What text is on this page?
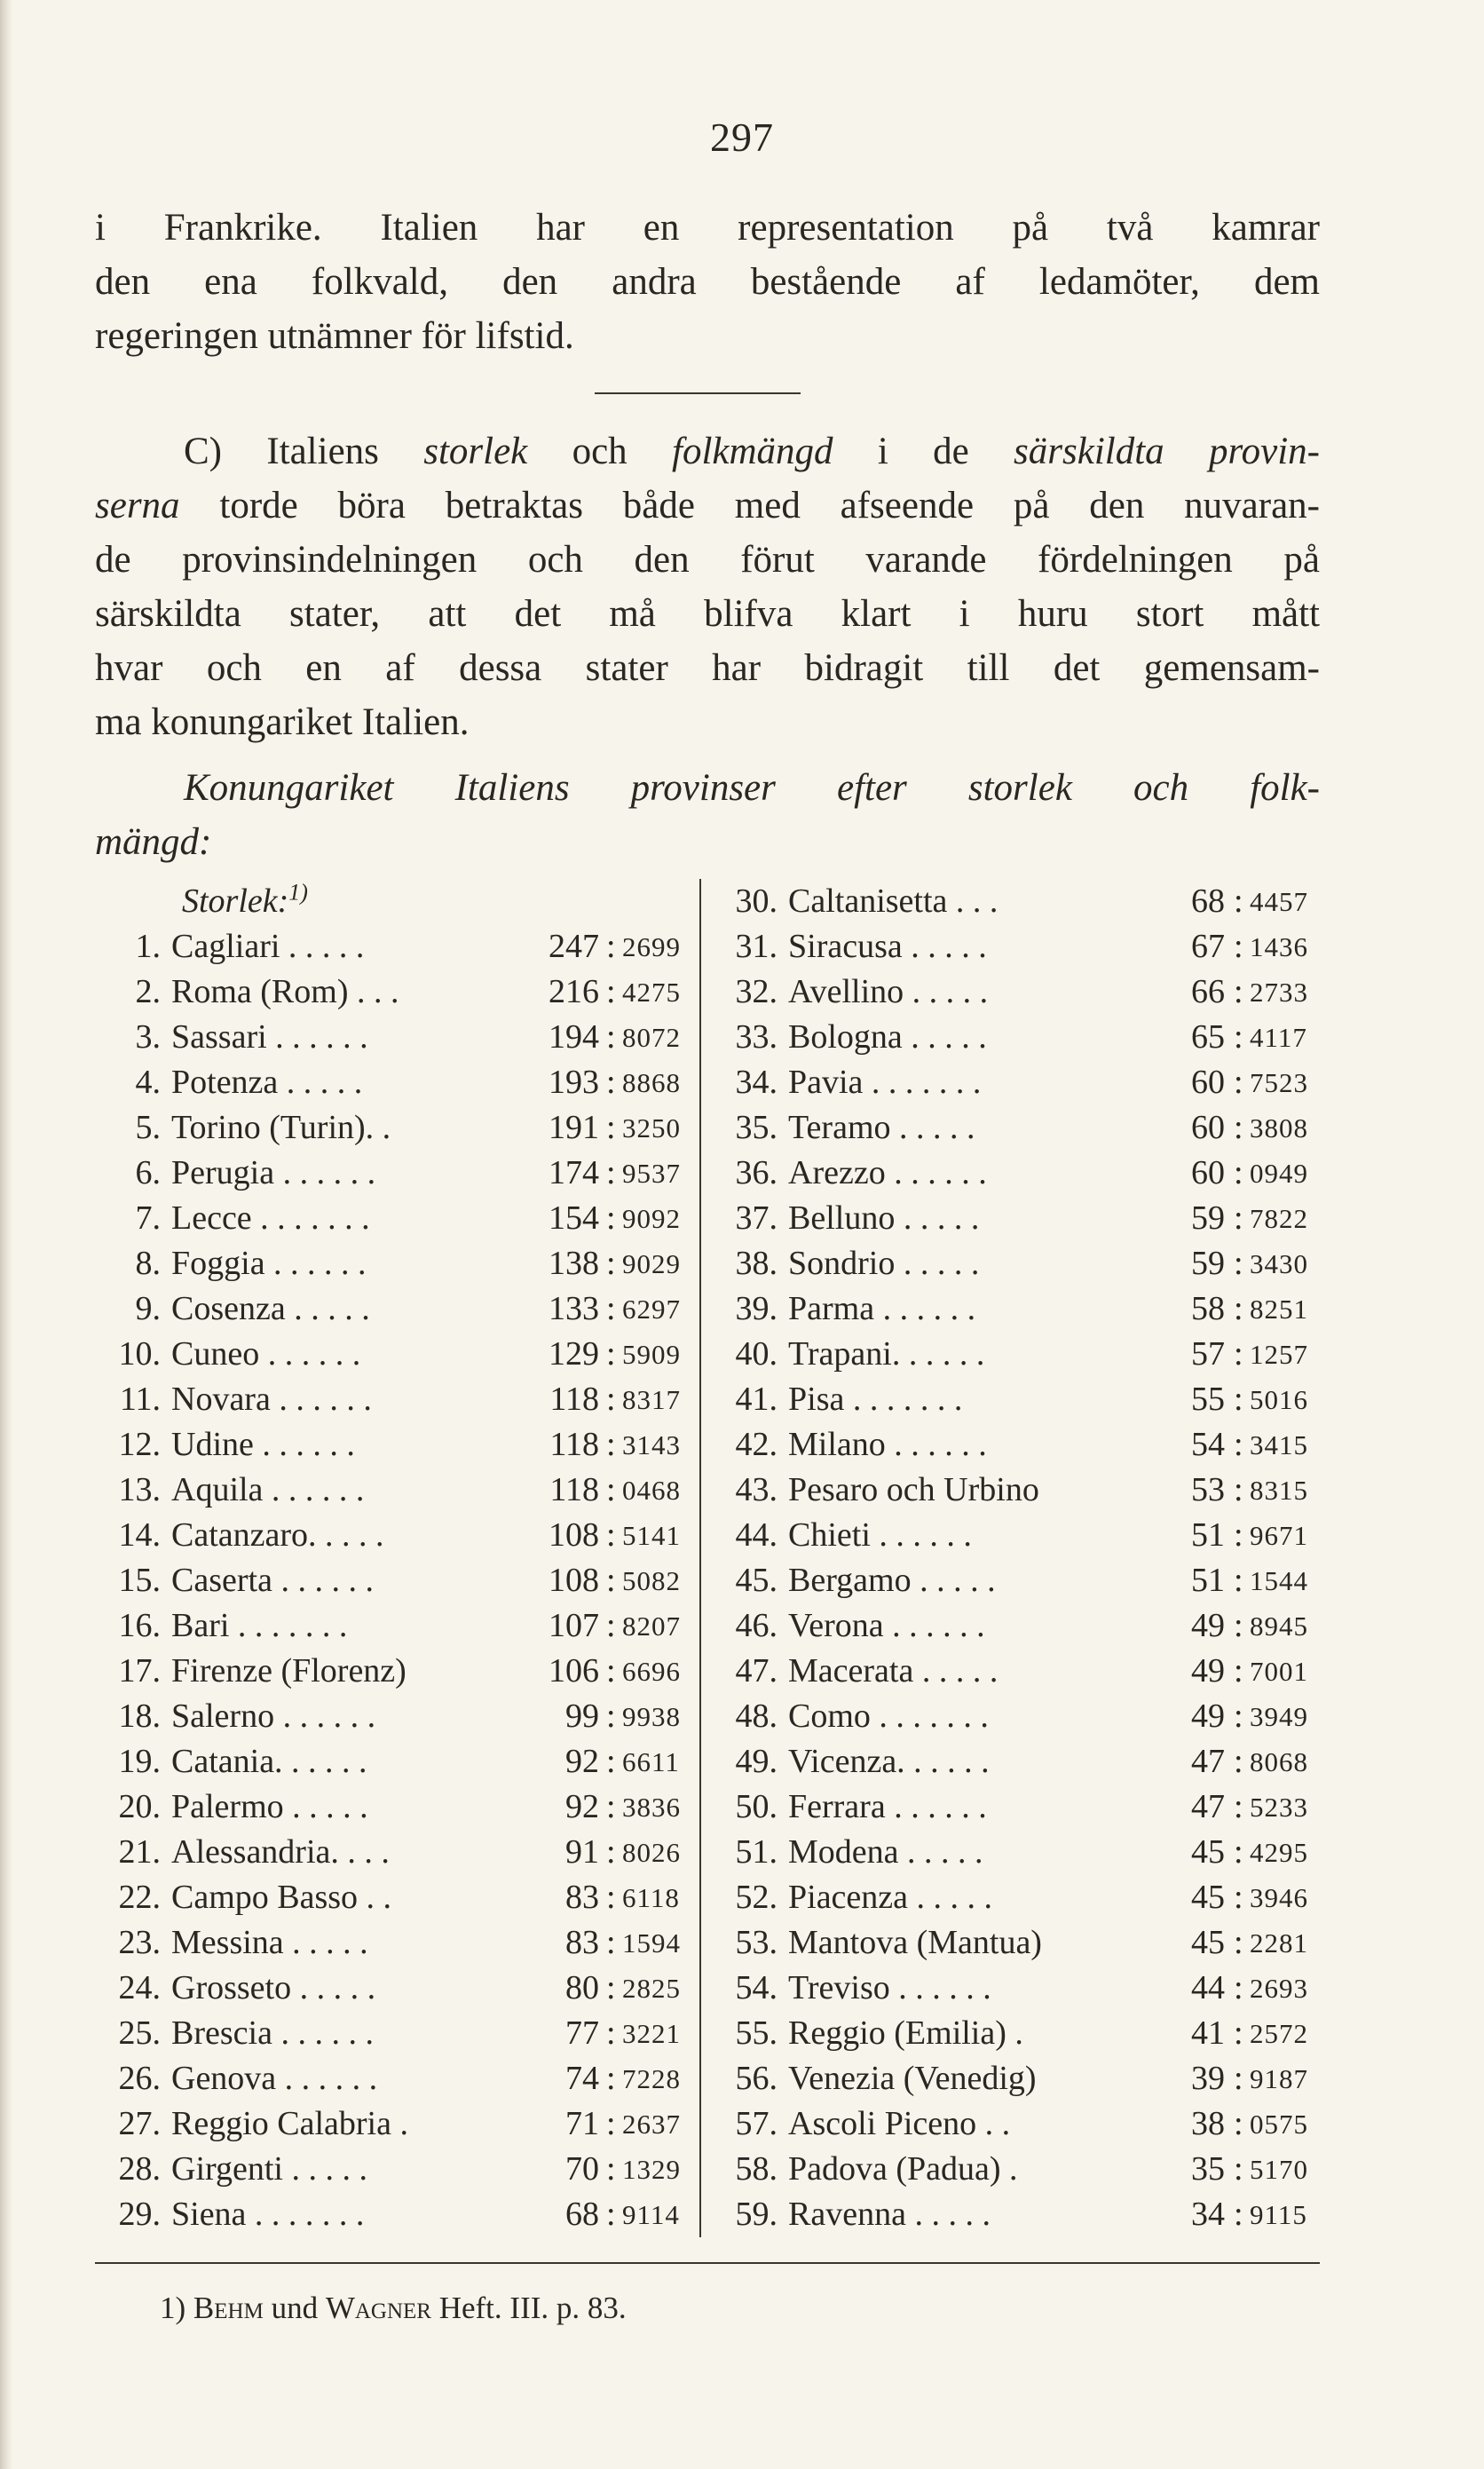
297
i Frankrike. Italien har en representation på två kamrar
den ena folkvald, den andra bestående af ledamöter, dem
regeringen utnämner för lifstid.
C) Italiens storlek och folkmängd i de särskildta provin-
serna torde böra betraktas både med afseende på den nuvaran-
de provinsindelningen och den förut varande fördelningen på
särskildta stater, att det må blifva klart i huru stort mått
hvar och en af dessa stater har bidragit till det gemensam-
ma konungariket Italien.
Konungariket Italiens provinser efter storlek och folk-
mängd:
Storlek:$^{1)}$
1. Cagliari . . . . .	247 : 2699
2. Roma (Rom) . . .	216 : 4275
3. Sassari . . . . . .	194 : 8072
4. Potenza . . . . .	193 : 8868
5. Torino (Turin). .	191 : 3250
6. Perugia . . . . . .	174 : 9537
7. Lecce . . . . . . .	154 : 9092
8. Foggia . . . . . .	138 : 9029
9. Cosenza . . . . .	133 : 6297
10. Cuneo . . . . . .	129 : 5909
11. Novara . . . . . .	118 : 8317
12. Udine . . . . . .	118 : 3143
13. Aquila . . . . . .	118 : 0468
14. Catanzaro. . . . .	108 : 5141
15. Caserta . . . . . .	108 : 5082
16. Bari . . . . . . .	107 : 8207
17. Firenze (Florenz)	106 : 6696
18. Salerno . . . . . .	99 : 9938
19. Catania. . . . . .	92 : 6611
20. Palermo . . . . .	92 : 3836
21. Alessandria. . . .	91 : 8026
22. Campo Basso . .	83 : 6118
23. Messina . . . . .	83 : 1594
24. Grosseto . . . . .	80 : 2825
25. Brescia . . . . . .	77 : 3221
26. Genova . . . . . .	74 : 7228
27. Reggio Calabria .	71 : 2637
28. Girgenti . . . . .	70 : 1329
29. Siena . . . . . . .	68 : 9114
30. Caltanisetta . . .	68 : 4457
31. Siracusa . . . . .	67 : 1436
32. Avellino . . . . .	66 : 2733
33. Bologna . . . . .	65 : 4117
34. Pavia . . . . . . .	60 : 7523
35. Teramo . . . . .	60 : 3808
36. Arezzo . . . . . .	60 : 0949
37. Belluno . . . . .	59 : 7822
38. Sondrio . . . . .	59 : 3430
39. Parma . . . . . .	58 : 8251
40. Trapani. . . . . .	57 : 1257
41. Pisa . . . . . . .	55 : 5016
42. Milano . . . . . .	54 : 3415
43. Pesaro och Urbino	53 : 8315
44. Chieti . . . . . .	51 : 9671
45. Bergamo . . . . .	51 : 1544
46. Verona . . . . . .	49 : 8945
47. Macerata . . . . .	49 : 7001
48. Como . . . . . . .	49 : 3949
49. Vicenza. . . . . .	47 : 8068
50. Ferrara . . . . . .	47 : 5233
51. Modena . . . . .	45 : 4295
52. Piacenza . . . . .	45 : 3946
53. Mantova (Mantua)	45 : 2281
54. Treviso . . . . . .	44 : 2693
55. Reggio (Emilia) .	41 : 2572
56. Venezia (Venedig)	39 : 9187
57. Ascoli Piceno . .	38 : 0575
58. Padova (Padua) .	35 : 5170
59. Ravenna . . . . .	34 : 9115
1) Behm und Wagner Heft. III. p. 83.
